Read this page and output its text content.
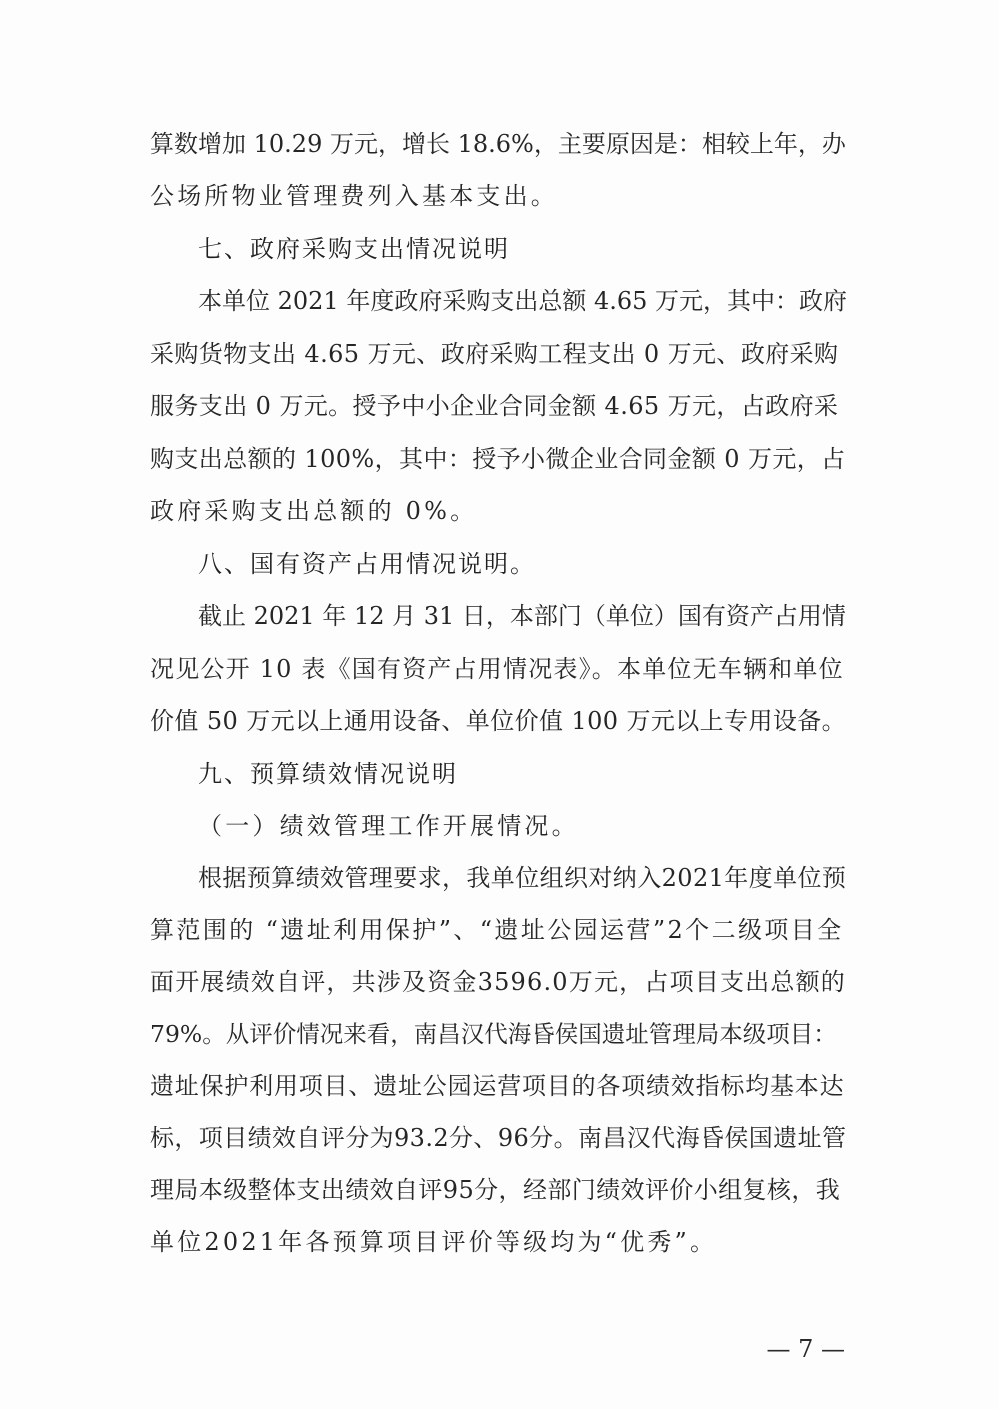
算数增加 10.29 万元，增长 18.6%，主要原因是：相较上年，办

公场所物业管理费列入基本支出。

七、政府采购支出情况说明

本单位 2021 年度政府采购支出总额 4.65 万元，其中：政府

采购货物支出 4.65 万元、政府采购工程支出 0 万元、政府采购

服务支出 0 万元。授予中小企业合同金额 4.65 万元，占政府采

购支出总额的 100%，其中：授予小微企业合同金额 0 万元，占

政府采购支出总额的 0%。

八、国有资产占用情况说明。

截止 2021 年 12 月 31 日，本部门（单位）国有资产占用情

况见公开 10 表《国有资产占用情况表》。本单位无车辆和单位

价值 50 万元以上通用设备、单位价值 100 万元以上专用设备。

九、预算绩效情况说明

（一）绩效管理工作开展情况。

根据预算绩效管理要求，我单位组织对纳入2021年度单位预

算范围的 “遗址利用保护”、“遗址公园运营”2个二级项目全

面开展绩效自评，共涉及资金3596.0万元，占项目支出总额的

79%。从评价情况来看，南昌汉代海昏侯国遗址管理局本级项目：

遗址保护利用项目、遗址公园运营项目的各项绩效指标均基本达

标，项目绩效自评分为93.2分、96分。南昌汉代海昏侯国遗址管

理局本级整体支出绩效自评95分，经部门绩效评价小组复核，我

单位2021年各预算项目评价等级均为“优秀”。

— 7 —
